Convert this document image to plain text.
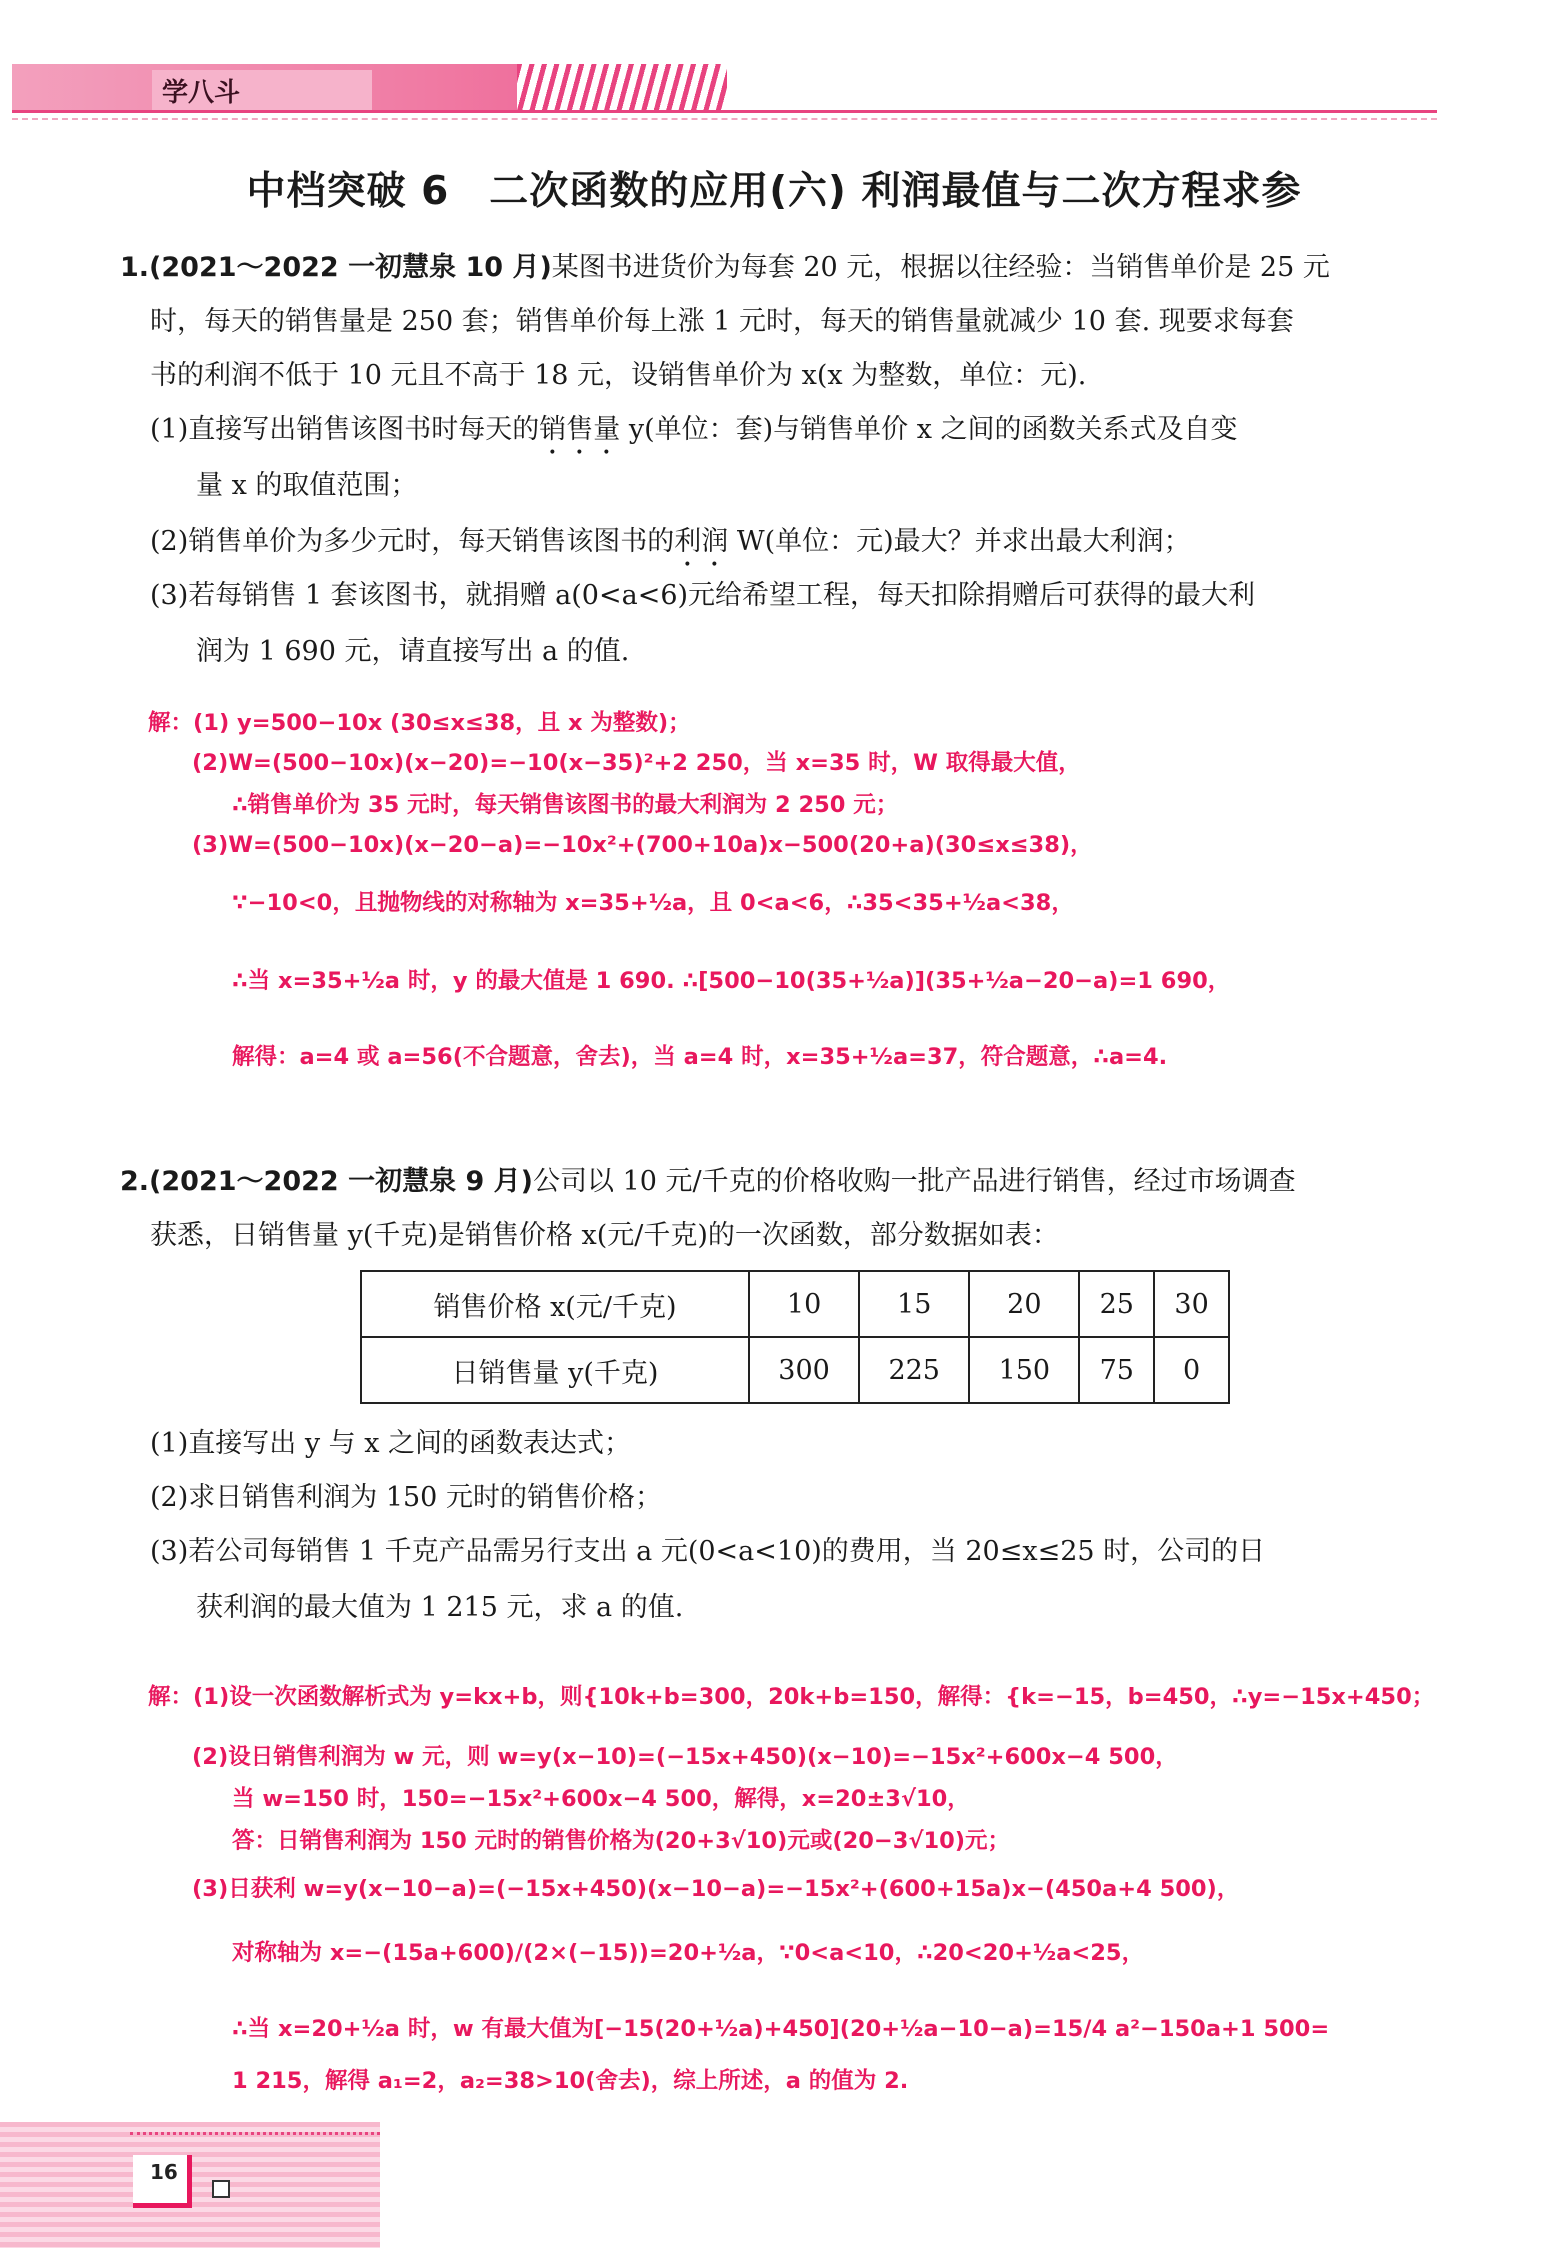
学八斗
中档突破 6　二次函数的应用(六) 利润最值与二次方程求参
1.(2021～2022 一初慧泉 10 月)某图书进货价为每套 20 元，根据以往经验：当销售单价是 25 元
时，每天的销售量是 250 套；销售单价每上涨 1 元时，每天的销售量就减少 10 套. 现要求每套
书的利润不低于 10 元且不高于 18 元，设销售单价为 x(x 为整数，单位：元).
(1)直接写出销售该图书时每天的销售量 y(单位：套)与销售单价 x 之间的函数关系式及自变
量 x 的取值范围；
(2)销售单价为多少元时，每天销售该图书的利润 W(单位：元)最大？并求出最大利润；
(3)若每销售 1 套该图书，就捐赠 a(0<a<6)元给希望工程，每天扣除捐赠后可获得的最大利
润为 1 690 元，请直接写出 a 的值.
解：(1) y=500−10x (30≤x≤38，且 x 为整数)；
(2)W=(500−10x)(x−20)=−10(x−35)²+2 250，当 x=35 时，W 取得最大值，
∴销售单价为 35 元时，每天销售该图书的最大利润为 2 250 元；
(3)W=(500−10x)(x−20−a)=−10x²+(700+10a)x−500(20+a)(30≤x≤38)，
∵−10<0，且抛物线的对称轴为 x=35+½a，且 0<a<6，∴35<35+½a<38，
∴当 x=35+½a 时，y 的最大值是 1 690. ∴[500−10(35+½a)](35+½a−20−a)=1 690，
解得：a=4 或 a=56(不合题意，舍去)，当 a=4 时，x=35+½a=37，符合题意，∴a=4.
2.(2021～2022 一初慧泉 9 月)公司以 10 元/千克的价格收购一批产品进行销售，经过市场调查
获悉，日销售量 y(千克)是销售价格 x(元/千克)的一次函数，部分数据如表：
销售价格 x(元/千克)	10	15	20	25	30
日销售量 y(千克)	300	225	150	75	0
(1)直接写出 y 与 x 之间的函数表达式；
(2)求日销售利润为 150 元时的销售价格；
(3)若公司每销售 1 千克产品需另行支出 a 元(0<a<10)的费用，当 20≤x≤25 时，公司的日
获利润的最大值为 1 215 元，求 a 的值.
解：(1)设一次函数解析式为 y=kx+b，则{10k+b=300，20k+b=150，解得：{k=−15，b=450，∴y=−15x+450；
(2)设日销售利润为 w 元，则 w=y(x−10)=(−15x+450)(x−10)=−15x²+600x−4 500，
当 w=150 时，150=−15x²+600x−4 500，解得，x=20±3√10，
答：日销售利润为 150 元时的销售价格为(20+3√10)元或(20−3√10)元；
(3)日获利 w=y(x−10−a)=(−15x+450)(x−10−a)=−15x²+(600+15a)x−(450a+4 500)，
对称轴为 x=−(15a+600)/(2×(−15))=20+½a，∵0<a<10，∴20<20+½a<25，
∴当 x=20+½a 时，w 有最大值为[−15(20+½a)+450](20+½a−10−a)=15/4 a²−150a+1 500=
1 215，解得 a₁=2，a₂=38>10(舍去)，综上所述，a 的值为 2.
16
